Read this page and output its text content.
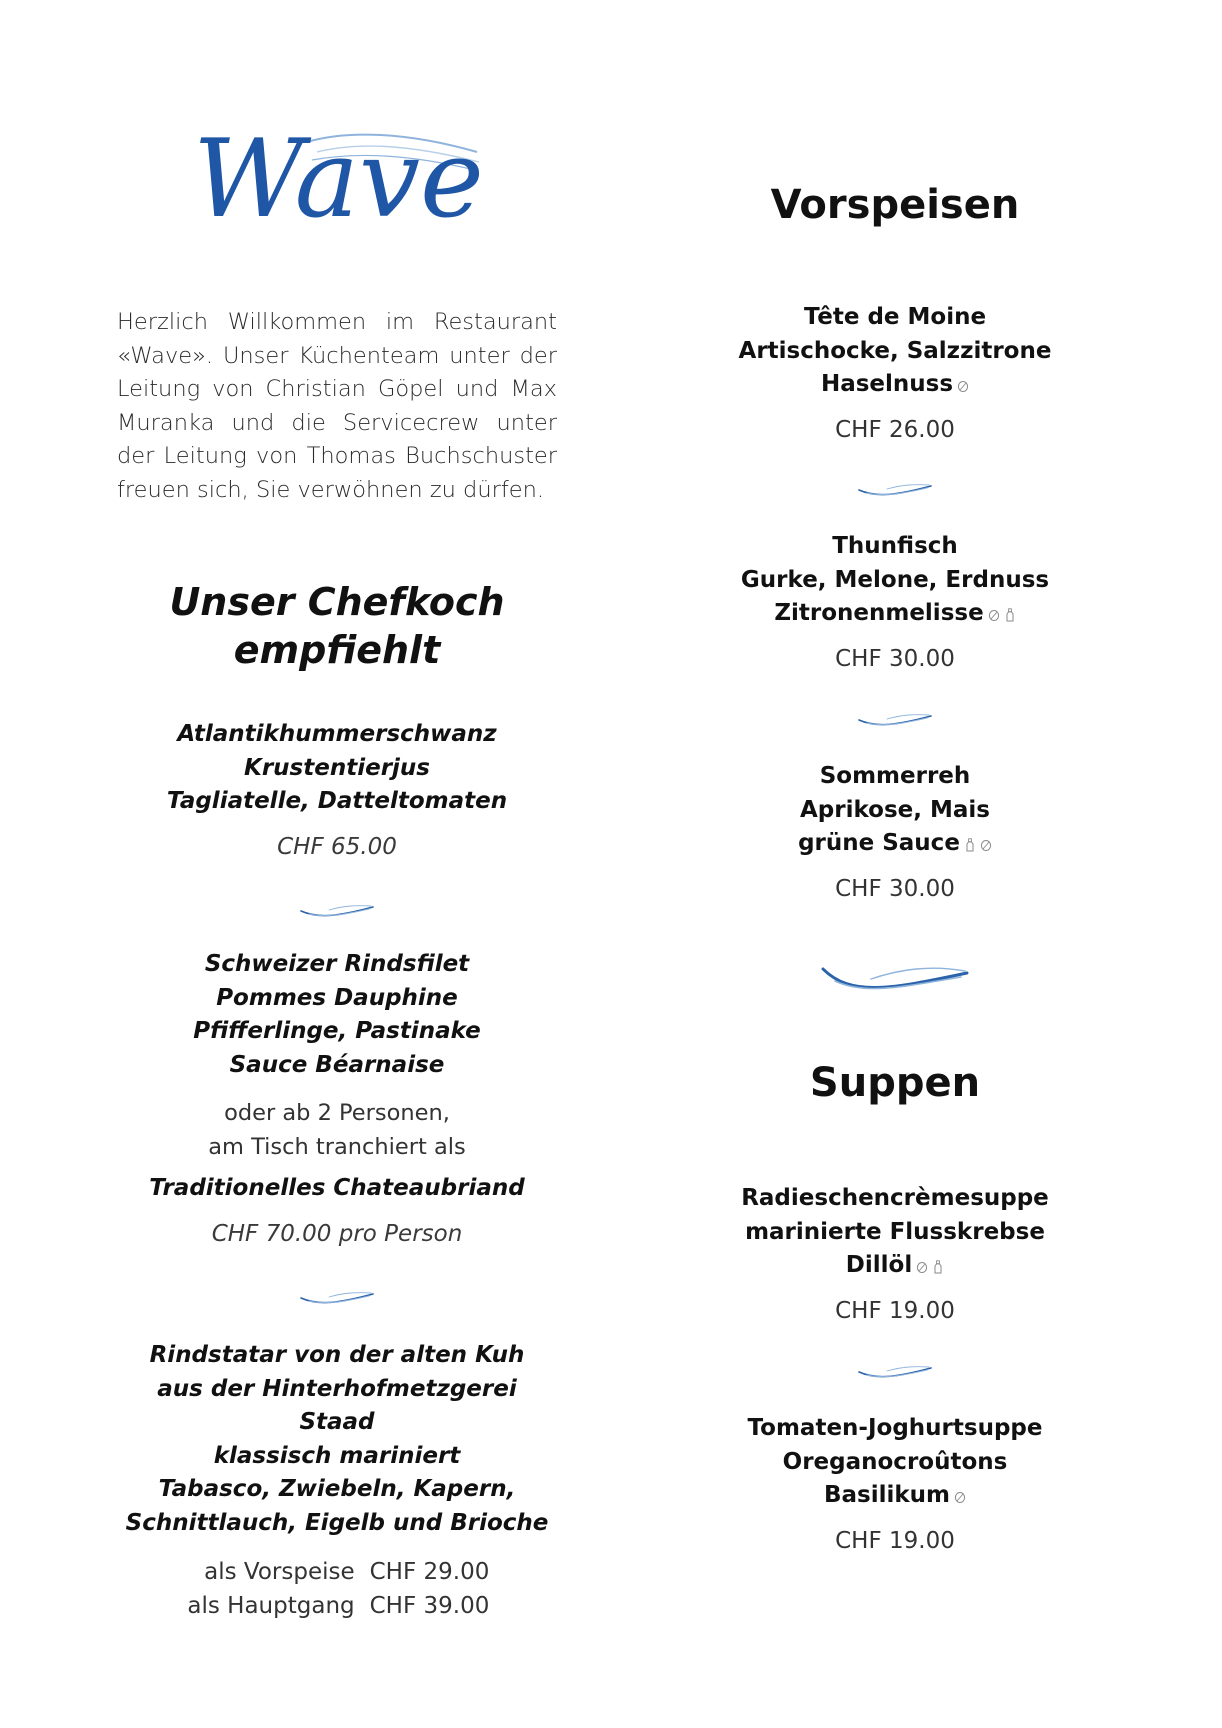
Wave

Herzlich Willkommen im Restaurant «Wave». Unser Küchenteam unter der Leitung von Christian Göpel und Max Muranka und die Servicecrew unter der Leitung von Thomas Buchschuster freuen sich, Sie verwöhnen zu dürfen.

Unser Chefkoch empfiehlt
Atlantikhummerschwanz
Krustentierjus
Tagliatelle, Datteltomaten
CHF 65.00
Schweizer Rindsfilet
Pommes Dauphine
Pfifferlinge, Pastinake
Sauce Béarnaise
oder ab 2 Personen,
am Tisch tranchiert als
Traditionelles Chateaubriand
CHF 70.00 pro Person
Rindstatar von der alten Kuh
aus der Hinterhofmetzgerei Staad
klassisch mariniert
Tabasco, Zwiebeln, Kapern,
Schnittlauch, Eigelb und Brioche
als Vorspeise CHF 29.00
als Hauptgang CHF 39.00
Vorspeisen
Tête de Moine
Artischocke, Salzzitrone
Haselnuss
CHF 26.00
Thunfisch
Gurke, Melone, Erdnuss
Zitronenmelisse
CHF 30.00
Sommerreh
Aprikose, Mais
grüne Sauce
CHF 30.00
Suppen
Radieschencrèmesuppe
marinierte Flusskrebse
Dillöl
CHF 19.00
Tomaten-Joghurtsuppe
Oreganocroûtons
Basilikum
CHF 19.00
